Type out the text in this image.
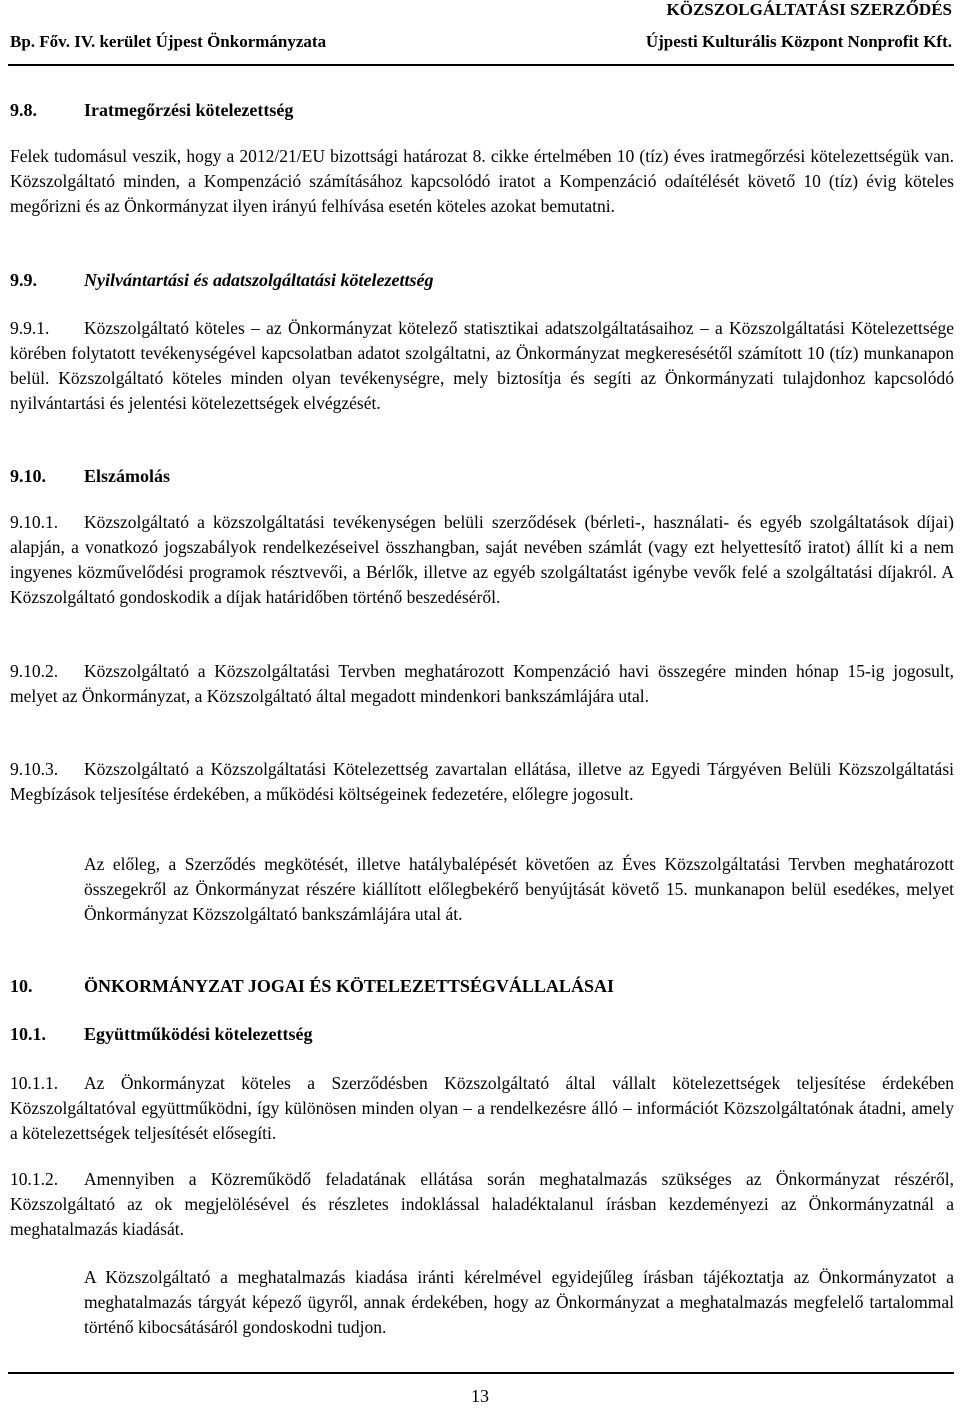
KÖZSZOLGÁLTATÁSI SZERZŐDÉS
Bp. Főv. IV. kerület Újpest Önkormányzata	Újpesti Kulturális Központ Nonprofit Kft.
9.8.	Iratmegőrzési kötelezettség
Felek tudomásul veszik, hogy a 2012/21/EU bizottsági határozat 8. cikke értelmében 10 (tíz) éves iratmegőrzési kötelezettségük van. Közszolgáltató minden, a Kompenzáció számításához kapcsolódó iratot a Kompenzáció odaítélését követő 10 (tíz) évig köteles megőrizni és az Önkormányzat ilyen irányú felhívása esetén köteles azokat bemutatni.
9.9.	Nyilvántartási és adatszolgáltatási kötelezettség
9.9.1. Közszolgáltató köteles – az Önkormányzat kötelező statisztikai adatszolgáltatásaihoz – a Közszolgáltatási Kötelezettsége körében folytatott tevékenységével kapcsolatban adatot szolgáltatni, az Önkormányzat megkeresésétől számított 10 (tíz) munkanapon belül. Közszolgáltató köteles minden olyan tevékenységre, mely biztosítja és segíti az Önkormányzati tulajdonhoz kapcsolódó nyilvántartási és jelentési kötelezettségek elvégzését.
9.10. Elszámolás
9.10.1. Közszolgáltató a közszolgáltatási tevékenységen belüli szerződések (bérleti-, használati- és egyéb szolgáltatások díjai) alapján, a vonatkozó jogszabályok rendelkezéseivel összhangban, saját nevében számlát (vagy ezt helyettesítő iratot) állít ki a nem ingyenes közművelődési programok résztvevői, a Bérlők, illetve az egyéb szolgáltatást igénybe vevők felé a szolgáltatási díjakról. A Közszolgáltató gondoskodik a díjak határidőben történő beszedéséről.
9.10.2. Közszolgáltató a Közszolgáltatási Tervben meghatározott Kompenzáció havi összegére minden hónap 15-ig jogosult, melyet az Önkormányzat, a Közszolgáltató által megadott mindenkori bankszámlájára utal.
9.10.3. Közszolgáltató a Közszolgáltatási Kötelezettség zavartalan ellátása, illetve az Egyedi Tárgyéven Belüli Közszolgáltatási Megbízások teljesítése érdekében, a működési költségeinek fedezetére, előlegre jogosult.
Az előleg, a Szerződés megkötését, illetve hatálybalépését követően az Éves Közszolgáltatási Tervben meghatározott összegekről az Önkormányzat részére kiállított előlegbekérő benyújtását követő 15. munkanapon belül esedékes, melyet Önkormányzat Közszolgáltató bankszámlájára utal át.
10.	ÖNKORMÁNYZAT JOGAI ÉS KÖTELEZETTSÉGVÁLLALÁSAI
10.1. Együttműködési kötelezettség
10.1.1. Az Önkormányzat köteles a Szerződésben Közszolgáltató által vállalt kötelezettségek teljesítése érdekében Közszolgáltatóval együttműködni, így különösen minden olyan – a rendelkezésre álló – információt Közszolgáltatónak átadni, amely a kötelezettségek teljesítését elősegíti.
10.1.2. Amennyiben a Közreműködő feladatának ellátása során meghatalmazás szükséges az Önkormányzat részéről, Közszolgáltató az ok megjelölésével és részletes indoklással haladéktalanul írásban kezdeményezi az Önkormányzatnál a meghatalmazás kiadását.
A Közszolgáltató a meghatalmazás kiadása iránti kérelmével egyidejűleg írásban tájékoztatja az Önkormányzatot a meghatalmazás tárgyát képező ügyről, annak érdekében, hogy az Önkormányzat a meghatalmazás megfelelő tartalommal történő kibocsátásáról gondoskodni tudjon.
13
